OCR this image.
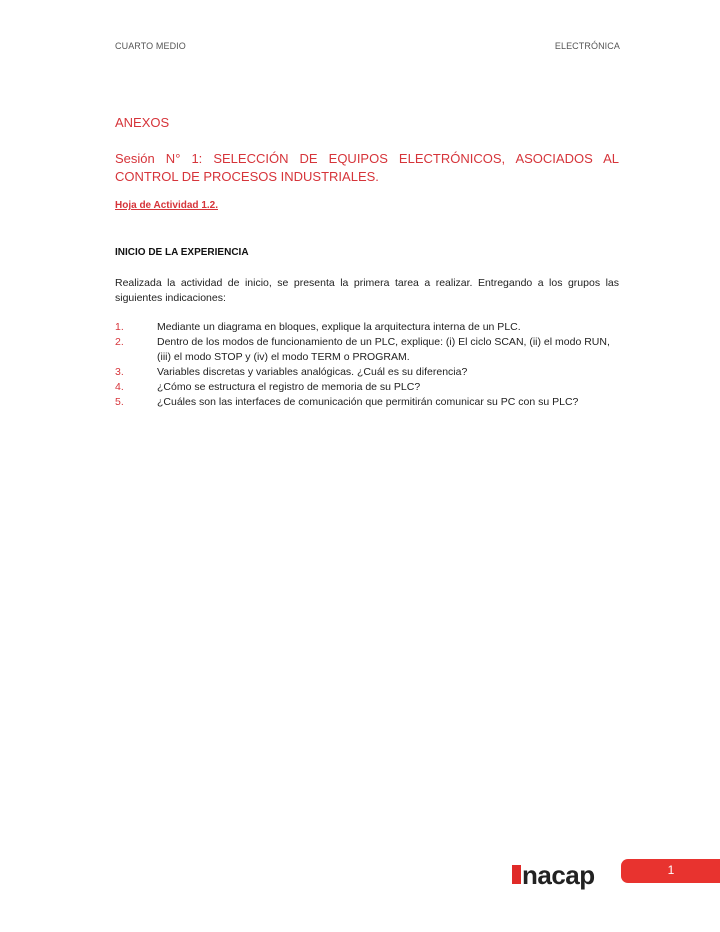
CUARTO MEDIO	ELECTRÓNICA
ANEXOS
Sesión N° 1: SELECCIÓN DE EQUIPOS ELECTRÓNICOS, ASOCIADOS AL CONTROL DE PROCESOS INDUSTRIALES.
Hoja de Actividad 1.2.
INICIO DE LA EXPERIENCIA
Realizada la actividad de inicio, se presenta la primera tarea a realizar. Entregando a los grupos las siguientes indicaciones:
1.	Mediante un diagrama en bloques, explique la arquitectura interna de un PLC.
2.	Dentro de los modos de funcionamiento de un PLC, explique: (i) El ciclo SCAN, (ii) el modo RUN, (iii) el modo STOP y (iv) el modo TERM o PROGRAM.
3.	Variables discretas y variables analógicas. ¿Cuál es su diferencia?
4.	¿Cómo se estructura el registro de memoria de su PLC?
5.	¿Cuáles son las interfaces de comunicación que permitirán comunicar su PC con su PLC?
nacap	1
